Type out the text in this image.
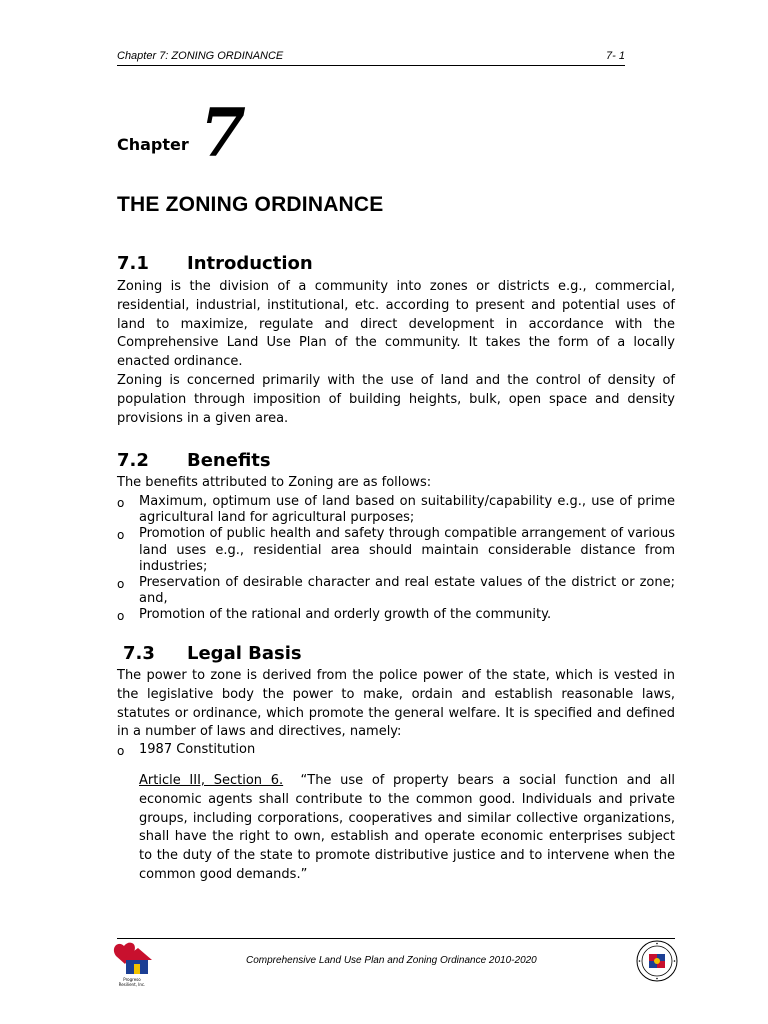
Chapter 7: ZONING ORDINANCE	7- 1
Chapter 7
THE ZONING ORDINANCE
7.1	Introduction
Zoning is the division of a community into zones or districts e.g., commercial, residential, industrial, institutional, etc. according to present and potential uses of land to maximize, regulate and direct development in accordance with the Comprehensive Land Use Plan of the community. It takes the form of a locally enacted ordinance.
Zoning is concerned primarily with the use of land and the control of density of population through imposition of building heights, bulk, open space and density provisions in a given area.
7.2	Benefits
The benefits attributed to Zoning are as follows:
o	Maximum, optimum use of land based on suitability/capability e.g., use of prime agricultural land for agricultural purposes;
o	Promotion of public health and safety through compatible arrangement of various land uses e.g., residential area should maintain considerable distance from industries;
o	Preservation of desirable character and real estate values of the district or zone; and,
o	Promotion of the rational and orderly growth of the community.
7.3	Legal Basis
The power to zone is derived from the police power of the state, which is vested in the legislative body the power to make, ordain and establish reasonable laws, statutes or ordinance, which promote the general welfare. It is specified and defined in a number of laws and directives, namely:
o	1987 Constitution
Article III, Section 6. “The use of property bears a social function and all economic agents shall contribute to the common good. Individuals and private groups, including corporations, cooperatives and similar collective organizations, shall have the right to own, establish and operate economic enterprises subject to the duty of the state to promote distributive justice and to intervene when the common good demands.”
Progreso
Resilient, Inc.
Comprehensive Land Use Plan and Zoning Ordinance 2010-2020
